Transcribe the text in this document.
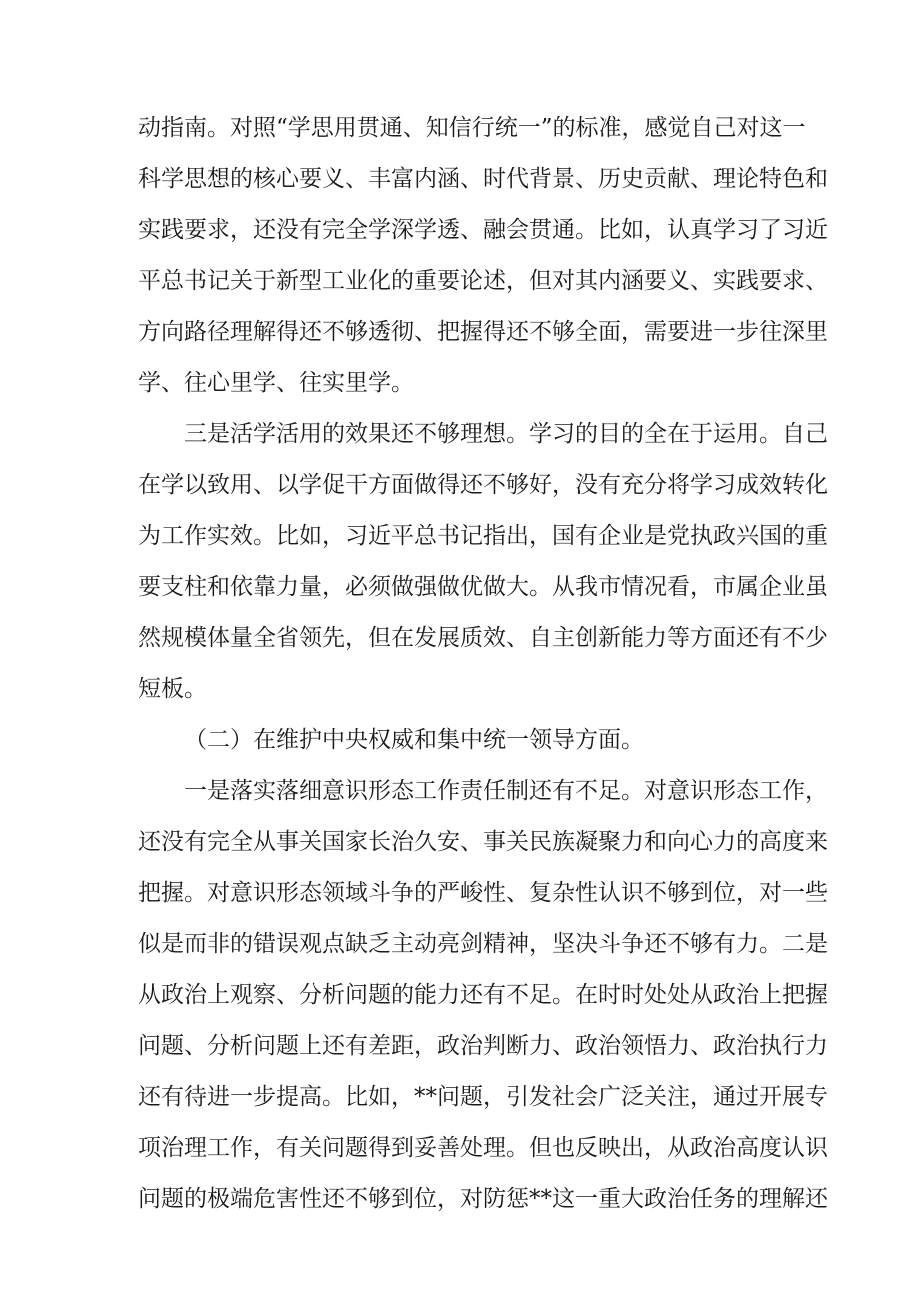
动指南。对照“学思用贯通、知信行统一”的标准，感觉自己对这一
科学思想的核心要义、丰富内涵、时代背景、历史贡献、理论特色和
实践要求，还没有完全学深学透、融会贯通。比如，认真学习了习近
平总书记关于新型工业化的重要论述，但对其内涵要义、实践要求、
方向路径理解得还不够透彻、把握得还不够全面，需要进一步往深里
学、往心里学、往实里学。
三是活学活用的效果还不够理想。学习的目的全在于运用。自己
在学以致用、以学促干方面做得还不够好，没有充分将学习成效转化
为工作实效。比如，习近平总书记指出，国有企业是党执政兴国的重
要支柱和依靠力量，必须做强做优做大。从我市情况看，市属企业虽
然规模体量全省领先，但在发展质效、自主创新能力等方面还有不少
短板。
（二）在维护中央权威和集中统一领导方面。
一是落实落细意识形态工作责任制还有不足。对意识形态工作，
还没有完全从事关国家长治久安、事关民族凝聚力和向心力的高度来
把握。对意识形态领域斗争的严峻性、复杂性认识不够到位，对一些
似是而非的错误观点缺乏主动亮剑精神，坚决斗争还不够有力。二是
从政治上观察、分析问题的能力还有不足。在时时处处从政治上把握
问题、分析问题上还有差距，政治判断力、政治领悟力、政治执行力
还有待进一步提高。比如，**问题，引发社会广泛关注，通过开展专
项治理工作，有关问题得到妥善处理。但也反映出，从政治高度认识
问题的极端危害性还不够到位，对防惩**这一重大政治任务的理解还
